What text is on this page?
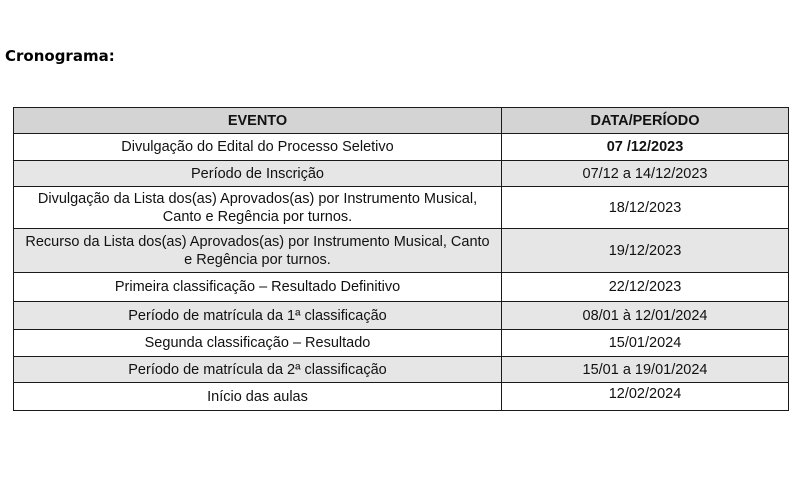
Cronograma:
EVENTO	DATA/PERÍODO
Divulgação do Edital do Processo Seletivo	07 /12/2023
Período de Inscrição	07/12 a 14/12/2023
Divulgação da Lista dos(as) Aprovados(as) por Instrumento Musical, Canto e Regência por turnos.	18/12/2023
Recurso da Lista dos(as) Aprovados(as) por Instrumento Musical, Canto e Regência por turnos.	19/12/2023
Primeira classificação – Resultado Definitivo	22/12/2023
Período de matrícula da 1ª classificação	08/01 à 12/01/2024
Segunda classificação – Resultado	15/01/2024
Período de matrícula da 2ª classificação	15/01 a 19/01/2024
Início das aulas	12/02/2024
